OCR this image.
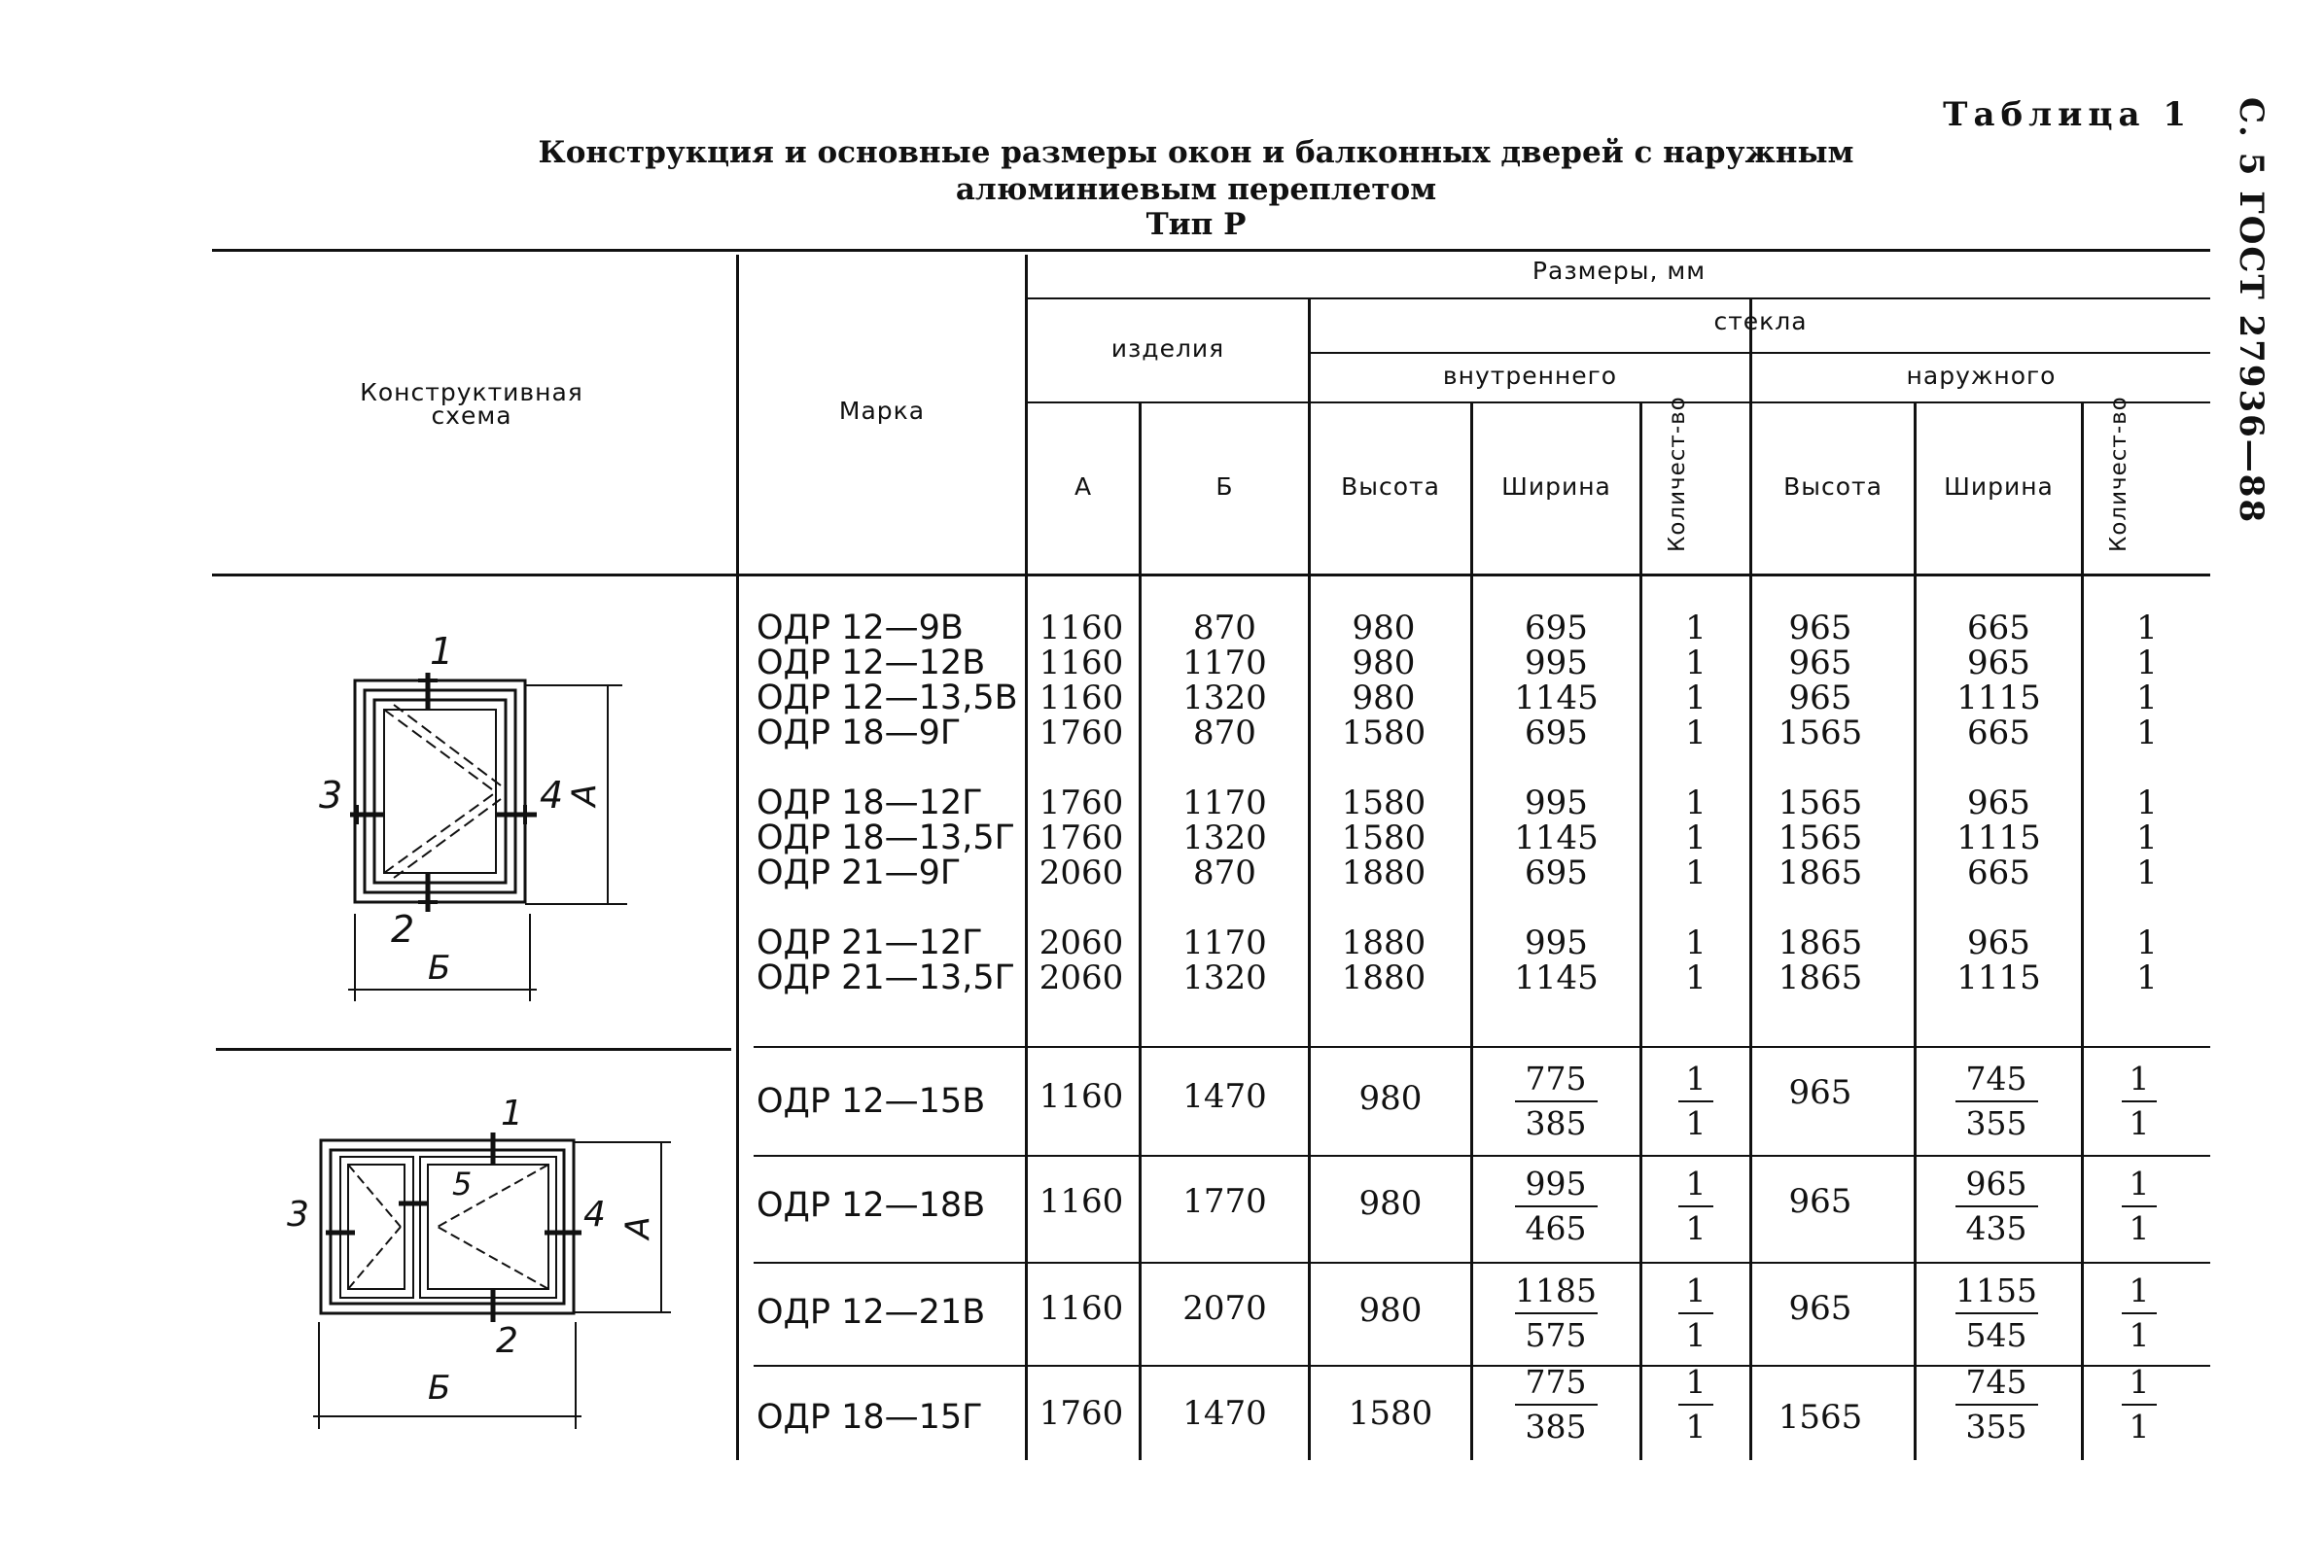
С. 5 ГОСТ 27936—88
Таблица 1
Конструкция и основные размеры окон и балконных дверей с наружным
алюминиевым переплетом
Тип Р
Конструктивная схема	Марка
Размеры, мм
изделия
стекла
внутреннего	наружного
А	Б	Высота	Ширина	Количест-во	Высота	Ширина	Количест-во
1
2
3	4 А
Б
1
2
3	4
5
А
Б
ОДР 12—9В 1160	870	980	695	1	965	665	1
ОДР 12—12В 1160	1170	980	995	1	965	965	1
ОДР 12—13,5В 1160	1320	980	1145	1	965	1115	1
ОДР 18—9Г 1760	870	1580	695	1	1565	665	1
ОДР 18—12Г 1760	1170	1580	995	1	1565	965	1
ОДР 18—13,5Г 1760	1320	1580	1145	1	1565	1115	1
ОДР 21—9Г 2060	870	1880	695	1	1865	665	1
ОДР 21—12Г 2060	1170	1880	995	1	1865	965	1
ОДР 21—13,5Г 2060	1320	1880	1145	1	1865	1115	1
ОДР 12—15В 1160	1470	980	$\frac{775}{385} \frac{1}{1}$	965	$\frac{745}{355} \frac{1}{1}$
ОДР 12—18В 1160	1770	980	$\frac{995}{465} \frac{1}{1}$	965	$\frac{965}{435} \frac{1}{1}$
ОДР 12—21В 1160	2070	980	$\frac{1185}{575} \frac{1}{1}$	965	$\frac{1155}{545} \frac{1}{1}$
ОДР 18—15Г 1760	1470	1580	$\frac{775}{385} \frac{1}{1}$	1565	$\frac{745}{355} \frac{1}{1}$
